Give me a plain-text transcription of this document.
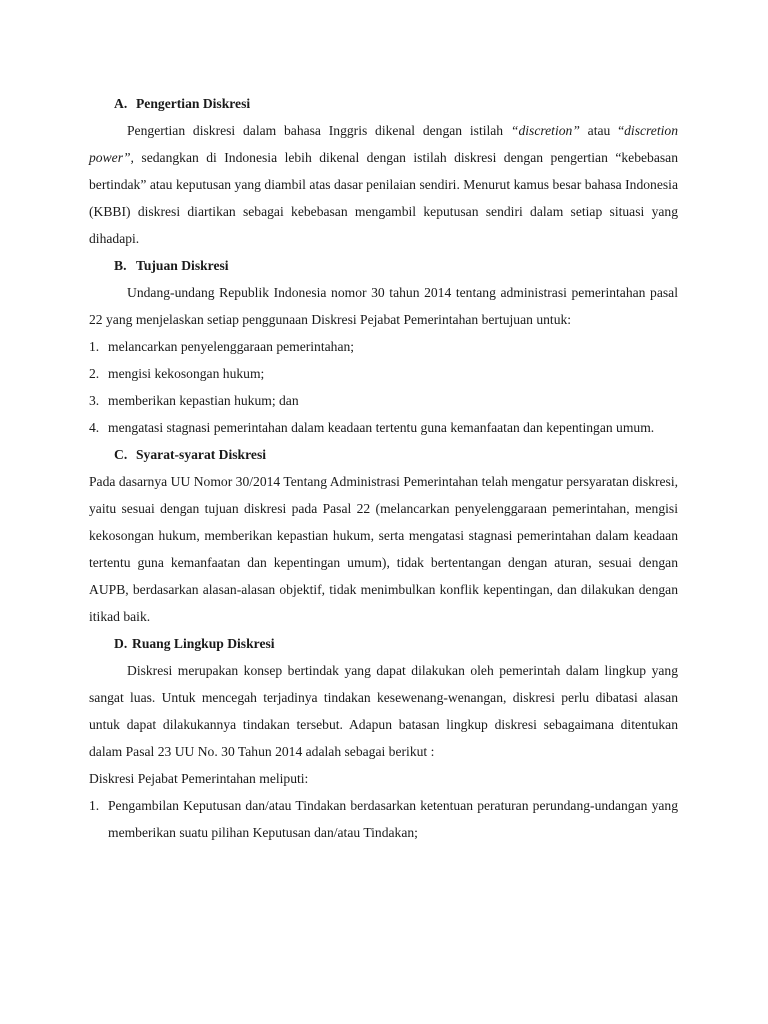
A. Pengertian Diskresi

Pengertian diskresi dalam bahasa Inggris dikenal dengan istilah “discretion” atau “discretion power”, sedangkan di Indonesia lebih dikenal dengan istilah diskresi dengan pengertian “kebebasan bertindak” atau keputusan yang diambil atas dasar penilaian sendiri. Menurut kamus besar bahasa Indonesia (KBBI) diskresi diartikan sebagai kebebasan mengambil keputusan sendiri dalam setiap situasi yang dihadapi.

B. Tujuan Diskresi

Undang-undang Republik Indonesia nomor 30 tahun 2014 tentang administrasi pemerintahan pasal 22 yang menjelaskan setiap penggunaan Diskresi Pejabat Pemerintahan bertujuan untuk:

1. melancarkan penyelenggaraan pemerintahan;
2. mengisi kekosongan hukum;
3. memberikan kepastian hukum; dan
4. mengatasi stagnasi pemerintahan dalam keadaan tertentu guna kemanfaatan dan kepentingan umum.
C. Syarat-syarat Diskresi

Pada dasarnya UU Nomor 30/2014 Tentang Administrasi Pemerintahan telah mengatur persyaratan diskresi, yaitu sesuai dengan tujuan diskresi pada Pasal 22 (melancarkan penyelenggaraan pemerintahan, mengisi kekosongan hukum, memberikan kepastian hukum, serta mengatasi stagnasi pemerintahan dalam keadaan tertentu guna kemanfaatan dan kepentingan umum), tidak bertentangan dengan aturan, sesuai dengan AUPB, berdasarkan alasan-alasan objektif, tidak menimbulkan konflik kepentingan, dan dilakukan dengan itikad baik.

D. Ruang Lingkup Diskresi

Diskresi merupakan konsep bertindak yang dapat dilakukan oleh pemerintah dalam lingkup yang sangat luas. Untuk mencegah terjadinya tindakan kesewenang-wenangan, diskresi perlu dibatasi alasan untuk dapat dilakukannya tindakan tersebut. Adapun batasan lingkup diskresi sebagaimana ditentukan dalam Pasal 23 UU No. 30 Tahun 2014 adalah sebagai berikut :

Diskresi Pejabat Pemerintahan meliputi:

1. Pengambilan Keputusan dan/atau Tindakan berdasarkan ketentuan peraturan perundang-undangan yang memberikan suatu pilihan Keputusan dan/atau Tindakan;
